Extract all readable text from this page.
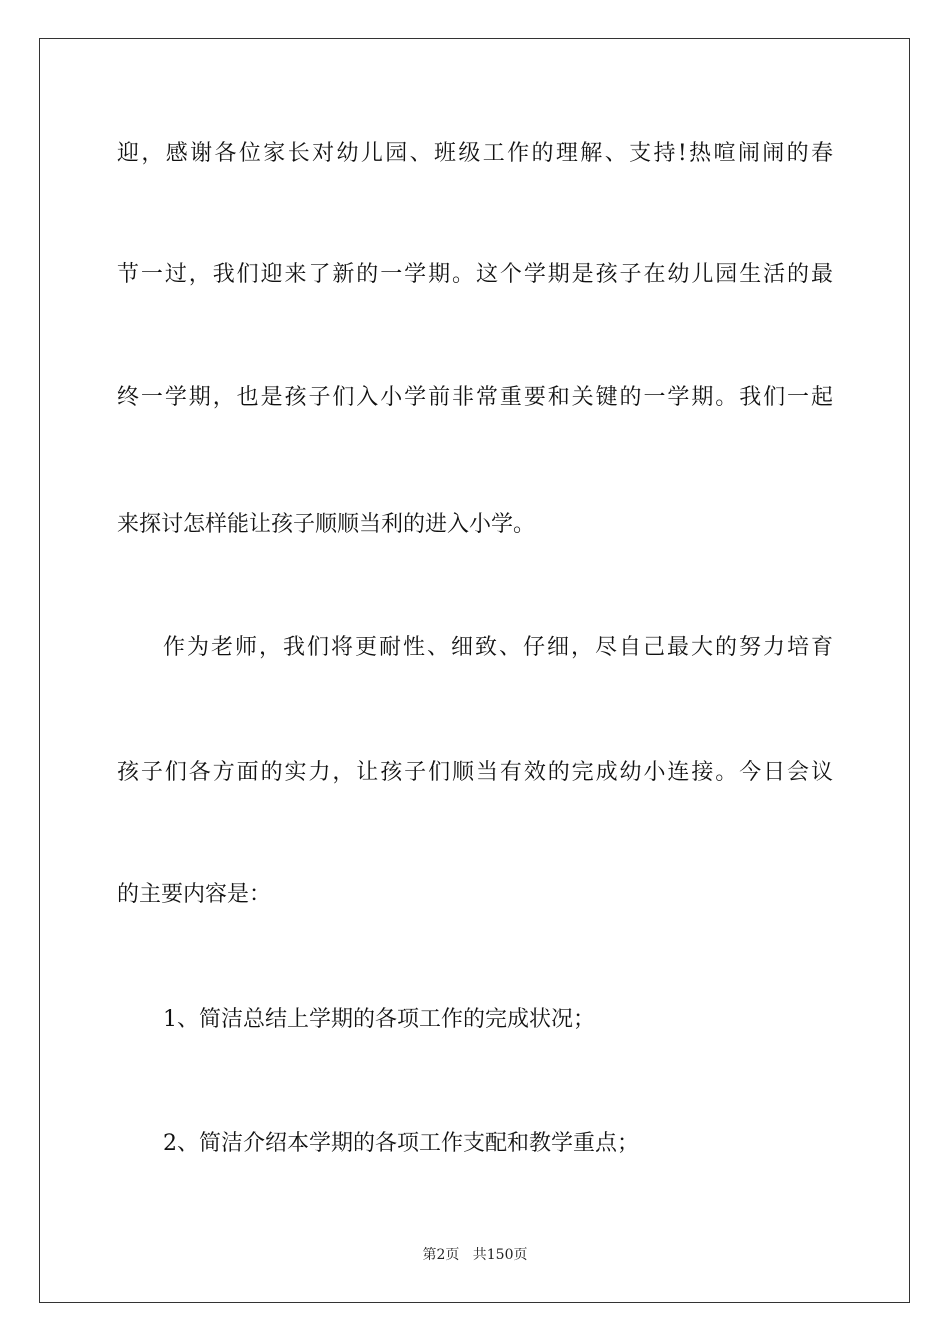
迎，感谢各位家长对幼儿园、班级工作的理解、支持!热喧闹闹的春
节一过，我们迎来了新的一学期。这个学期是孩子在幼儿园生活的最
终一学期，也是孩子们入小学前非常重要和关键的一学期。我们一起
来探讨怎样能让孩子顺顺当利的进入小学。
作为老师，我们将更耐性、细致、仔细，尽自己最大的努力培育
孩子们各方面的实力，让孩子们顺当有效的完成幼小连接。今日会议
的主要内容是：
1、简洁总结上学期的各项工作的完成状况；
2、简洁介绍本学期的各项工作支配和教学重点；
第2页 共150页
